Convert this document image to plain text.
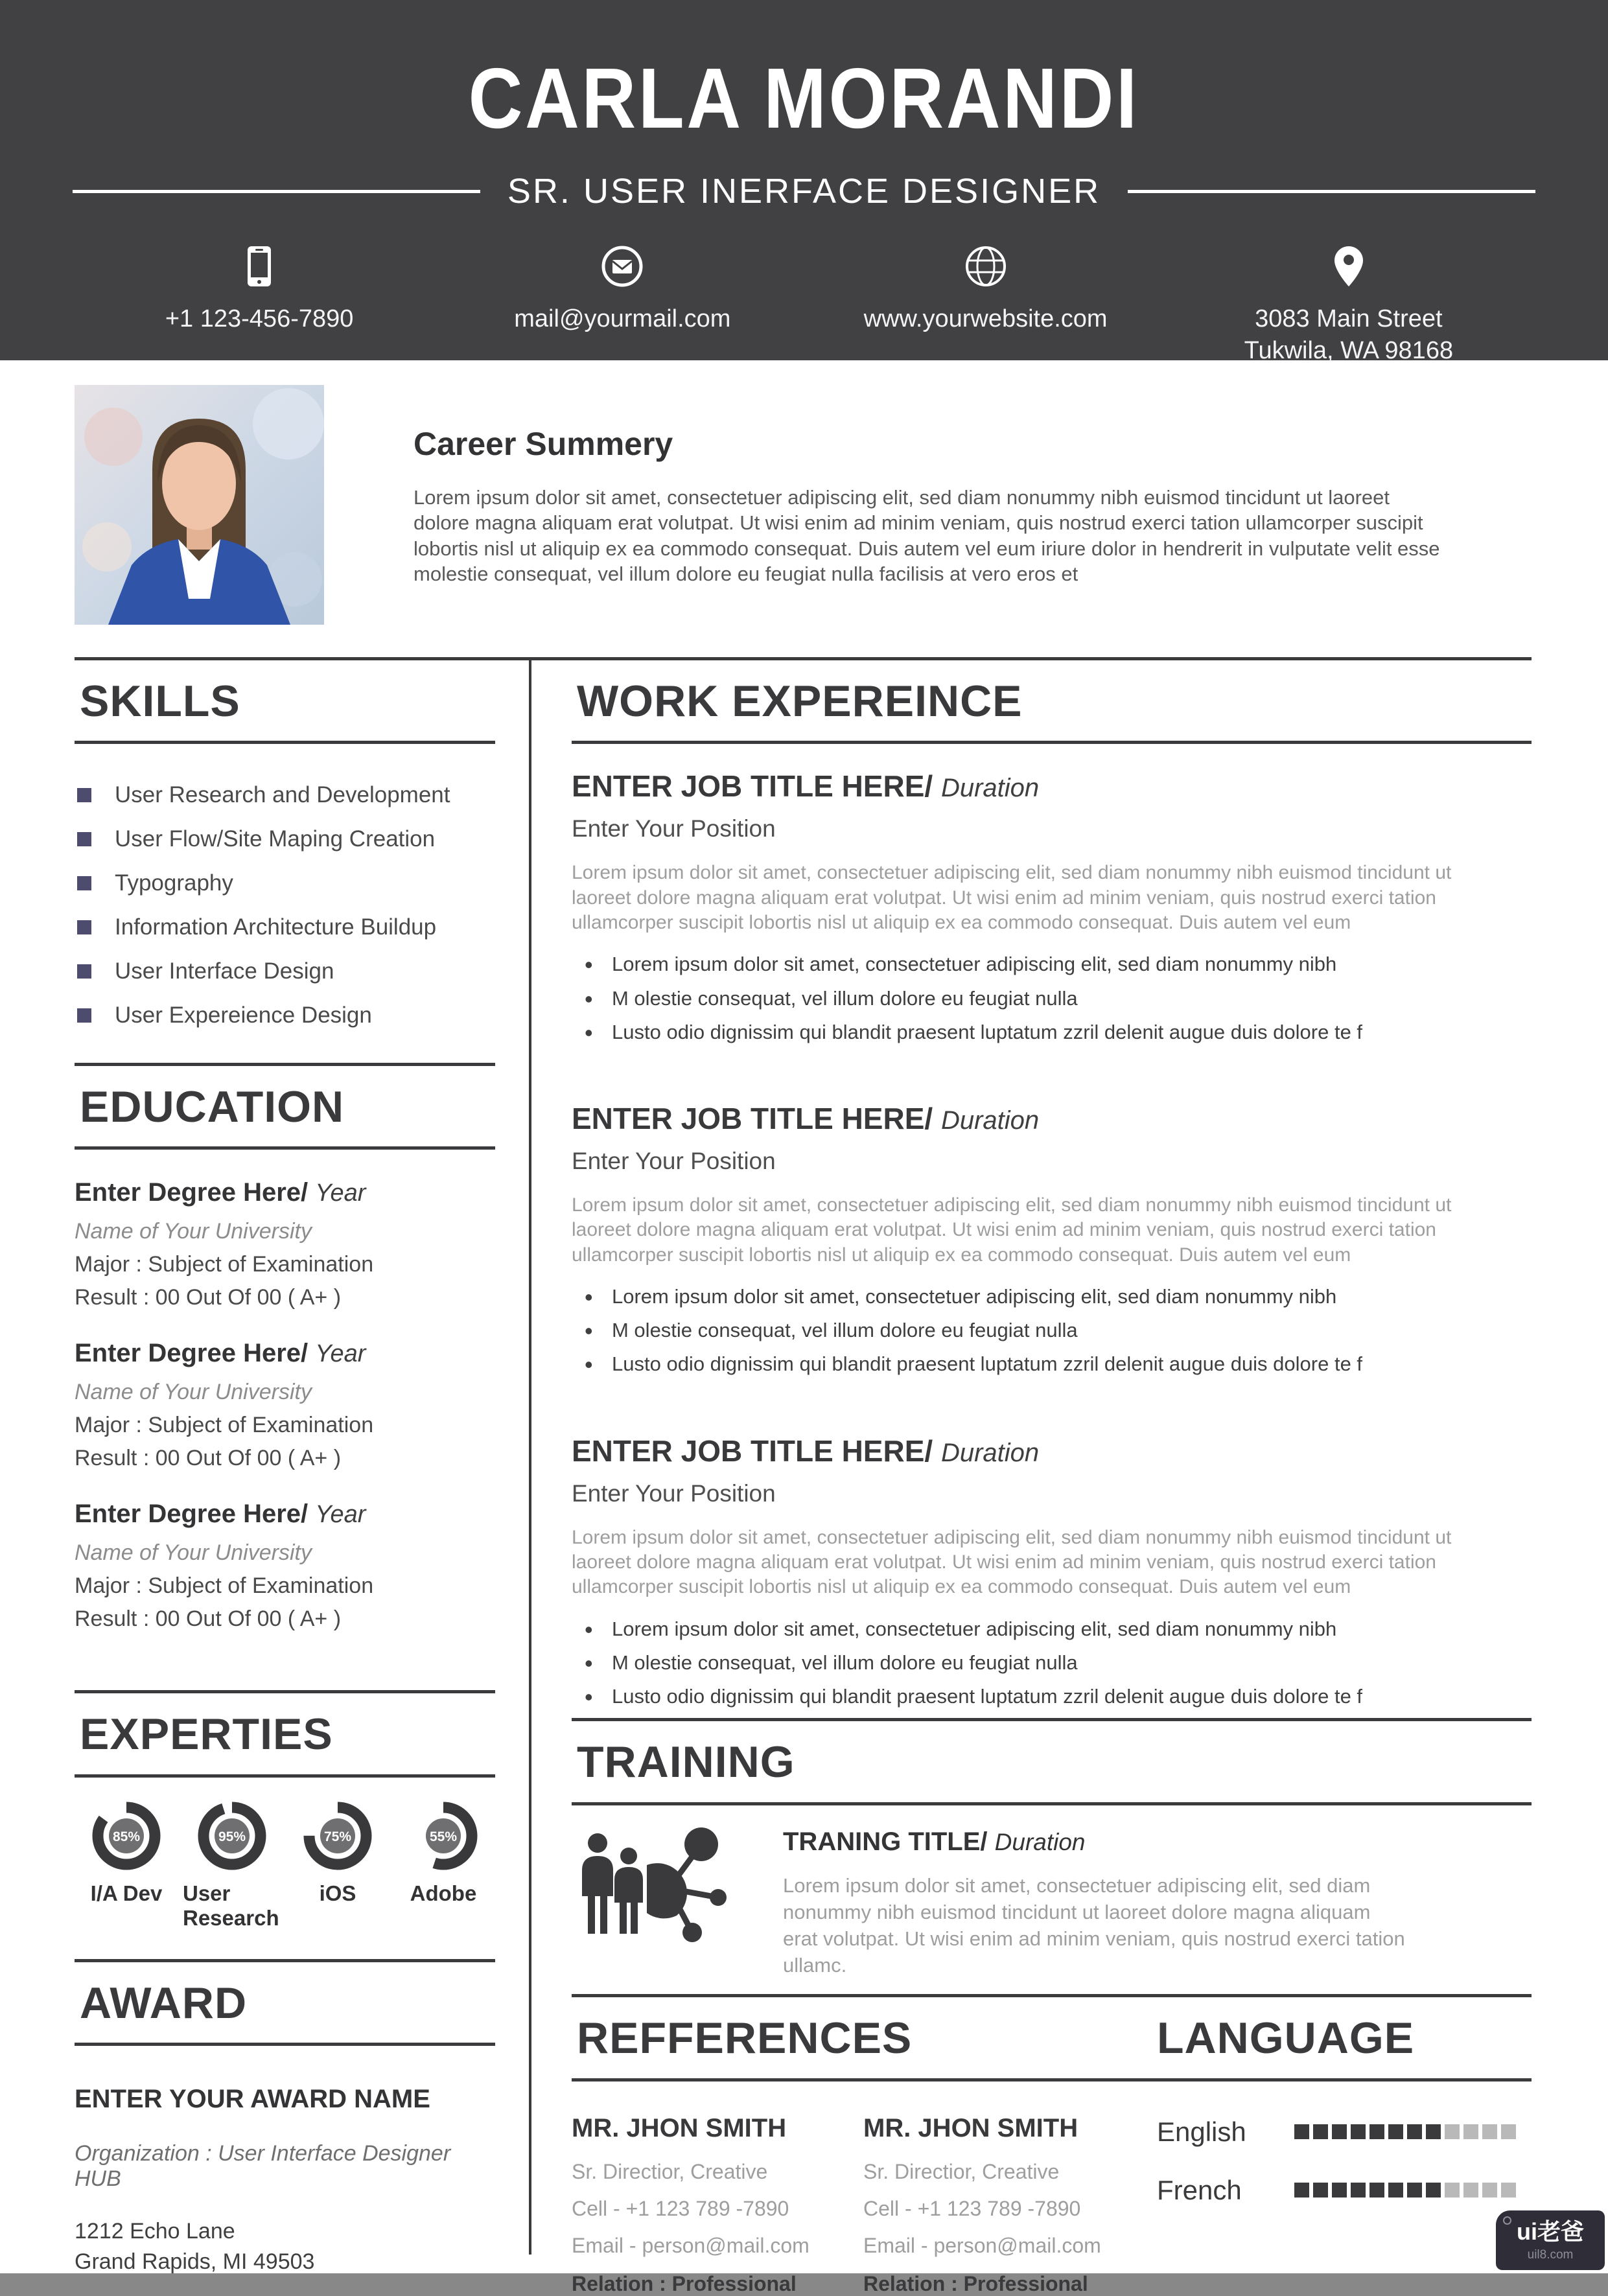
CARLA MORANDI
SR. USER INERFACE DESIGNER
+1 123-456-7890	mail@yourmail.com	www.yourwebsite.com	3083 Main Street
Tukwila, WA 98168
Career Summery

Lorem ipsum dolor sit amet, consectetuer adipiscing elit, sed diam nonummy nibh euismod tincidunt ut laoreet dolore magna aliquam erat volutpat. Ut wisi enim ad minim veniam, quis nostrud exerci tation ullamcorper suscipit lobortis nisl ut aliquip ex ea commodo consequat. Duis autem vel eum iriure dolor in hendrerit in vulputate velit esse molestie consequat, vel illum dolore eu feugiat nulla facilisis at vero eros et

SKILLS
User Research and Development
User Flow/Site Maping Creation
Typography
Information Architecture Buildup
User Interface Design
User Expereience Design
EDUCATION
Enter Degree Here/ Year
Name of Your University
Major : Subject of Examination
Result : 00 Out Of 00 ( A+ )
Enter Degree Here/ Year
Name of Your University
Major : Subject of Examination
Result : 00 Out Of 00 ( A+ )
Enter Degree Here/ Year
Name of Your University
Major : Subject of Examination
Result : 00 Out Of 00 ( A+ )
EXPERTIES
85%
I/A Dev
95%
User Research
75%
iOS
55%
Adobe
AWARD
ENTER YOUR AWARD NAME
Organization : User Interface Designer HUB
1212 Echo Lane
Grand Rapids, MI 49503
WORK EXPEREINCE
ENTER JOB TITLE HERE/ Duration
Enter Your Position

Lorem ipsum dolor sit amet, consectetuer adipiscing elit, sed diam nonummy nibh euismod tincidunt ut laoreet dolore magna aliquam erat volutpat. Ut wisi enim ad minim veniam, quis nostrud exerci tation ullamcorper suscipit lobortis nisl ut aliquip ex ea commodo consequat. Duis autem vel eum

• Lorem ipsum dolor sit amet, consectetuer adipiscing elit, sed diam nonummy nibh
• M olestie consequat, vel illum dolore eu feugiat nulla
• Lusto odio dignissim qui blandit praesent luptatum zzril delenit augue duis dolore te f
ENTER JOB TITLE HERE/ Duration
Enter Your Position

Lorem ipsum dolor sit amet, consectetuer adipiscing elit, sed diam nonummy nibh euismod tincidunt ut laoreet dolore magna aliquam erat volutpat. Ut wisi enim ad minim veniam, quis nostrud exerci tation ullamcorper suscipit lobortis nisl ut aliquip ex ea commodo consequat. Duis autem vel eum

• Lorem ipsum dolor sit amet, consectetuer adipiscing elit, sed diam nonummy nibh
• M olestie consequat, vel illum dolore eu feugiat nulla
• Lusto odio dignissim qui blandit praesent luptatum zzril delenit augue duis dolore te f
ENTER JOB TITLE HERE/ Duration
Enter Your Position

Lorem ipsum dolor sit amet, consectetuer adipiscing elit, sed diam nonummy nibh euismod tincidunt ut laoreet dolore magna aliquam erat volutpat. Ut wisi enim ad minim veniam, quis nostrud exerci tation ullamcorper suscipit lobortis nisl ut aliquip ex ea commodo consequat. Duis autem vel eum

• Lorem ipsum dolor sit amet, consectetuer adipiscing elit, sed diam nonummy nibh
• M olestie consequat, vel illum dolore eu feugiat nulla
• Lusto odio dignissim qui blandit praesent luptatum zzril delenit augue duis dolore te f
TRAINING
TRANING TITLE/ Duration

Lorem ipsum dolor sit amet, consectetuer adipiscing elit, sed diam nonummy nibh euismod tincidunt ut laoreet dolore magna aliquam erat volutpat. Ut wisi enim ad minim veniam, quis nostrud exerci tation ullamc.

REFFERENCES	LANGUAGE
MR. JHON SMITH
Sr. Directior, Creative
Cell - +1 123 789 -7890
Email - person@mail.com
Relation : Professional
MR. JHON SMITH
Sr. Directior, Creative
Cell - +1 123 789 -7890
Email - person@mail.com
Relation : Professional
English
French
ui老爸
uil8.com
